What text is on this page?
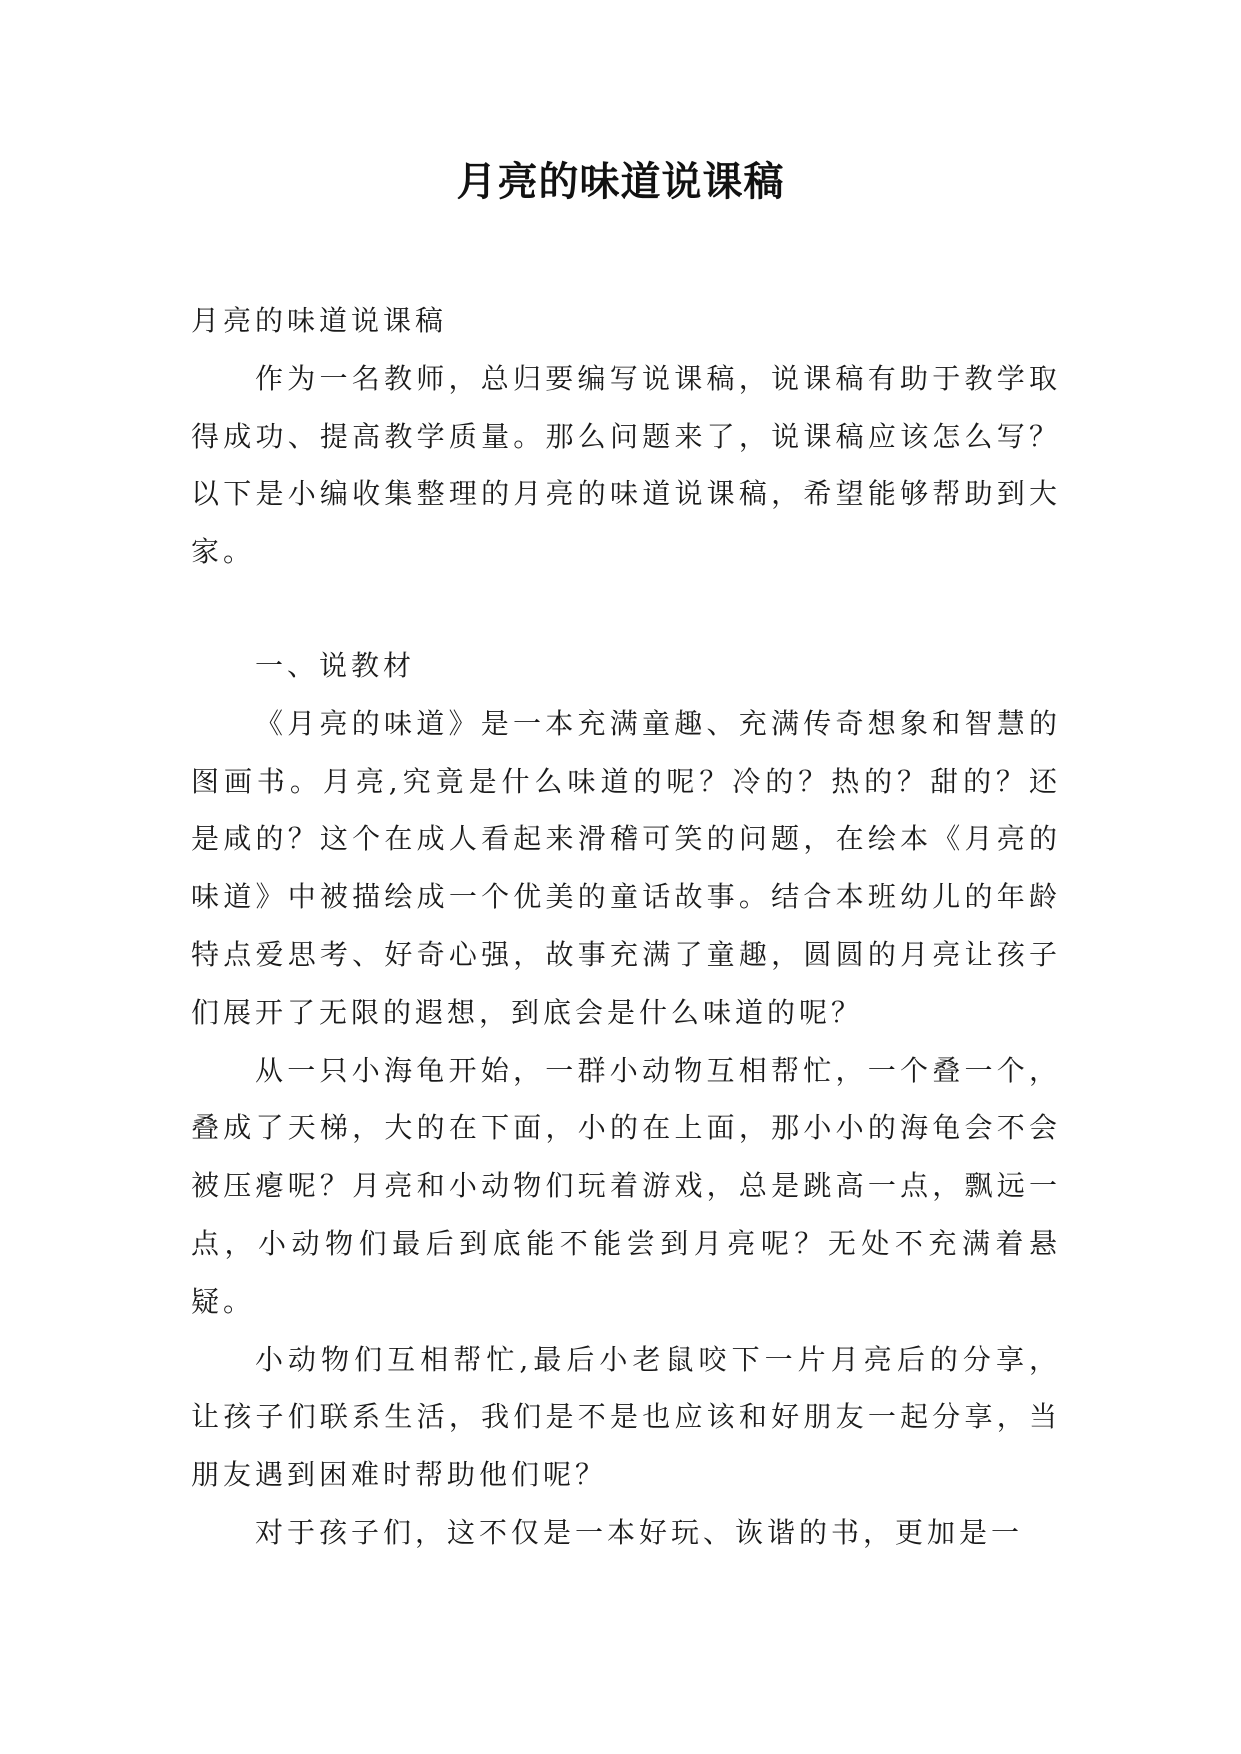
月亮的味道说课稿

月亮的味道说课稿

作为一名教师，总归要编写说课稿，说课稿有助于教学取得成功、提高教学质量。那么问题来了，说课稿应该怎么写？以下是小编收集整理的月亮的味道说课稿，希望能够帮助到大家。

一、说教材

《月亮的味道》是一本充满童趣、充满传奇想象和智慧的图画书。月亮,究竟是什么味道的呢？冷的？热的？甜的？还是咸的？这个在成人看起来滑稽可笑的问题，在绘本《月亮的味道》中被描绘成一个优美的童话故事。结合本班幼儿的年龄特点爱思考、好奇心强，故事充满了童趣，圆圆的月亮让孩子们展开了无限的遐想，到底会是什么味道的呢？

从一只小海龟开始，一群小动物互相帮忙，一个叠一个，叠成了天梯，大的在下面，小的在上面，那小小的海龟会不会被压瘪呢？月亮和小动物们玩着游戏，总是跳高一点，飘远一点，小动物们最后到底能不能尝到月亮呢？无处不充满着悬疑。

小动物们互相帮忙,最后小老鼠咬下一片月亮后的分享，让孩子们联系生活，我们是不是也应该和好朋友一起分享，当朋友遇到困难时帮助他们呢？

对于孩子们，这不仅是一本好玩、诙谐的书，更加是一
